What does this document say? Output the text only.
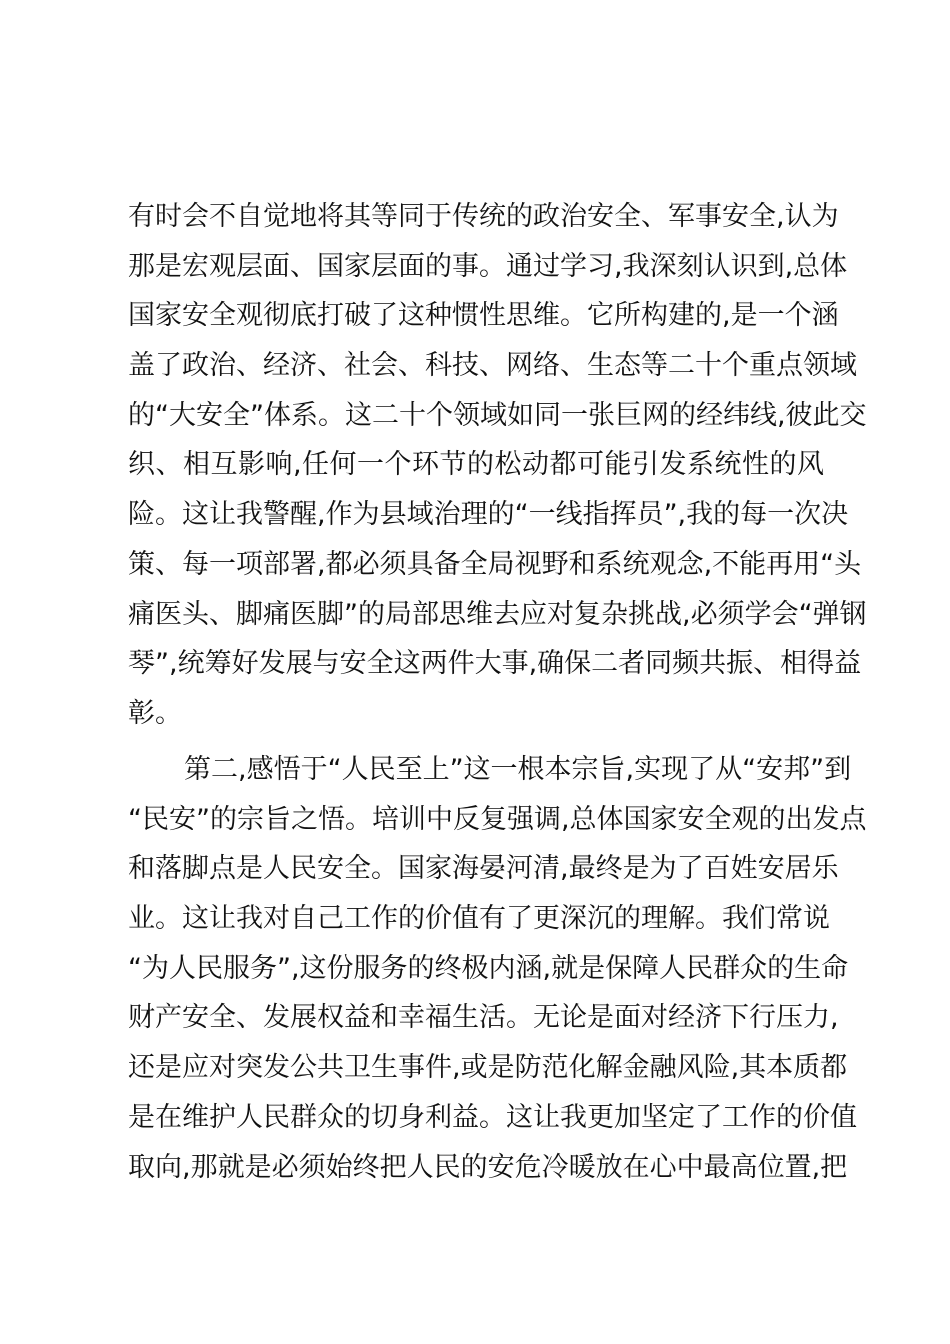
有时会不自觉地将其等同于传统的政治安全、军事安全,认为
那是宏观层面、国家层面的事。通过学习,我深刻认识到,总体
国家安全观彻底打破了这种惯性思维。它所构建的,是一个涵
盖了政治、经济、社会、科技、网络、生态等二十个重点领域
的“大安全”体系。这二十个领域如同一张巨网的经纬线,彼此交
织、相互影响,任何一个环节的松动都可能引发系统性的风
险。这让我警醒,作为县域治理的“一线指挥员”,我的每一次决
策、每一项部署,都必须具备全局视野和系统观念,不能再用“头
痛医头、脚痛医脚”的局部思维去应对复杂挑战,必须学会“弹钢
琴”,统筹好发展与安全这两件大事,确保二者同频共振、相得益
彰。
第二,感悟于“人民至上”这一根本宗旨,实现了从“安邦”到
“民安”的宗旨之悟。培训中反复强调,总体国家安全观的出发点
和落脚点是人民安全。国家海晏河清,最终是为了百姓安居乐
业。这让我对自己工作的价值有了更深沉的理解。我们常说
“为人民服务”,这份服务的终极内涵,就是保障人民群众的生命
财产安全、发展权益和幸福生活。无论是面对经济下行压力,
还是应对突发公共卫生事件,或是防范化解金融风险,其本质都
是在维护人民群众的切身利益。这让我更加坚定了工作的价值
取向,那就是必须始终把人民的安危冷暖放在心中最高位置,把
